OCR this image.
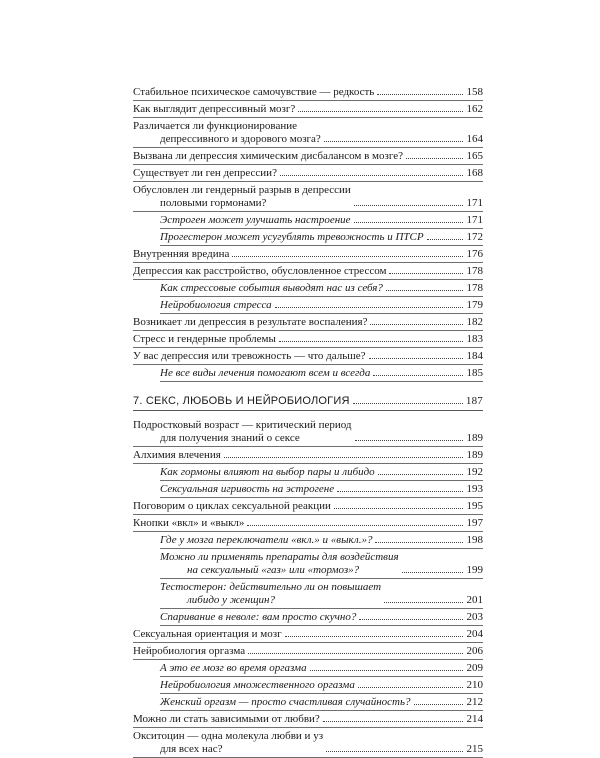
Стабильное психическое самочувствие — редкость	158
Как выглядит депрессивный мозг?	162
Различается ли функционирование
депрессивного и здорового мозга?	164
Вызвана ли депрессия химическим дисбалансом в мозге?	165
Существует ли ген депрессии?	168
Обусловлен ли гендерный разрыв в депрессии
половыми гормонами?	171
Эстроген может улучшать настроение	171
Прогестерон может усугублять тревожность и ПТСР	172
Внутренняя вредина	176
Депрессия как расстройство, обусловленное стрессом	178
Как стрессовые события выводят нас из себя?	178
Нейробиология стресса	179
Возникает ли депрессия в результате воспаления?	182
Стресс и гендерные проблемы	183
У вас депрессия или тревожность — что дальше?	184
Не все виды лечения помогают всем и всегда	185
7. СЕКС, ЛЮБОВЬ И НЕЙРОБИОЛОГИЯ	187
Подростковый возраст — критический период
для получения знаний о сексе	189
Алхимия влечения	189
Как гормоны влияют на выбор пары и либидо	192
Сексуальная игривость на эстрогене	193
Поговорим о циклах сексуальной реакции	195
Кнопки «вкл» и «выкл»	197
Где у мозга переключатели «вкл.» и «выкл.»?	198
Можно ли применять препараты для воздействия
на сексуальный «газ» или «тормоз»?	199
Тестостерон: действительно ли он повышает
либидо у женщин?	201
Спаривание в неволе: вам просто скучно?	203
Сексуальная ориентация и мозг	204
Нейробиология оргазма	206
А это ее мозг во время оргазма	209
Нейробиология множественного оргазма	210
Женский оргазм — просто счастливая случайность?	212
Можно ли стать зависимыми от любви?	214
Окситоцин — одна молекула любви и уз
для всех нас?	215
